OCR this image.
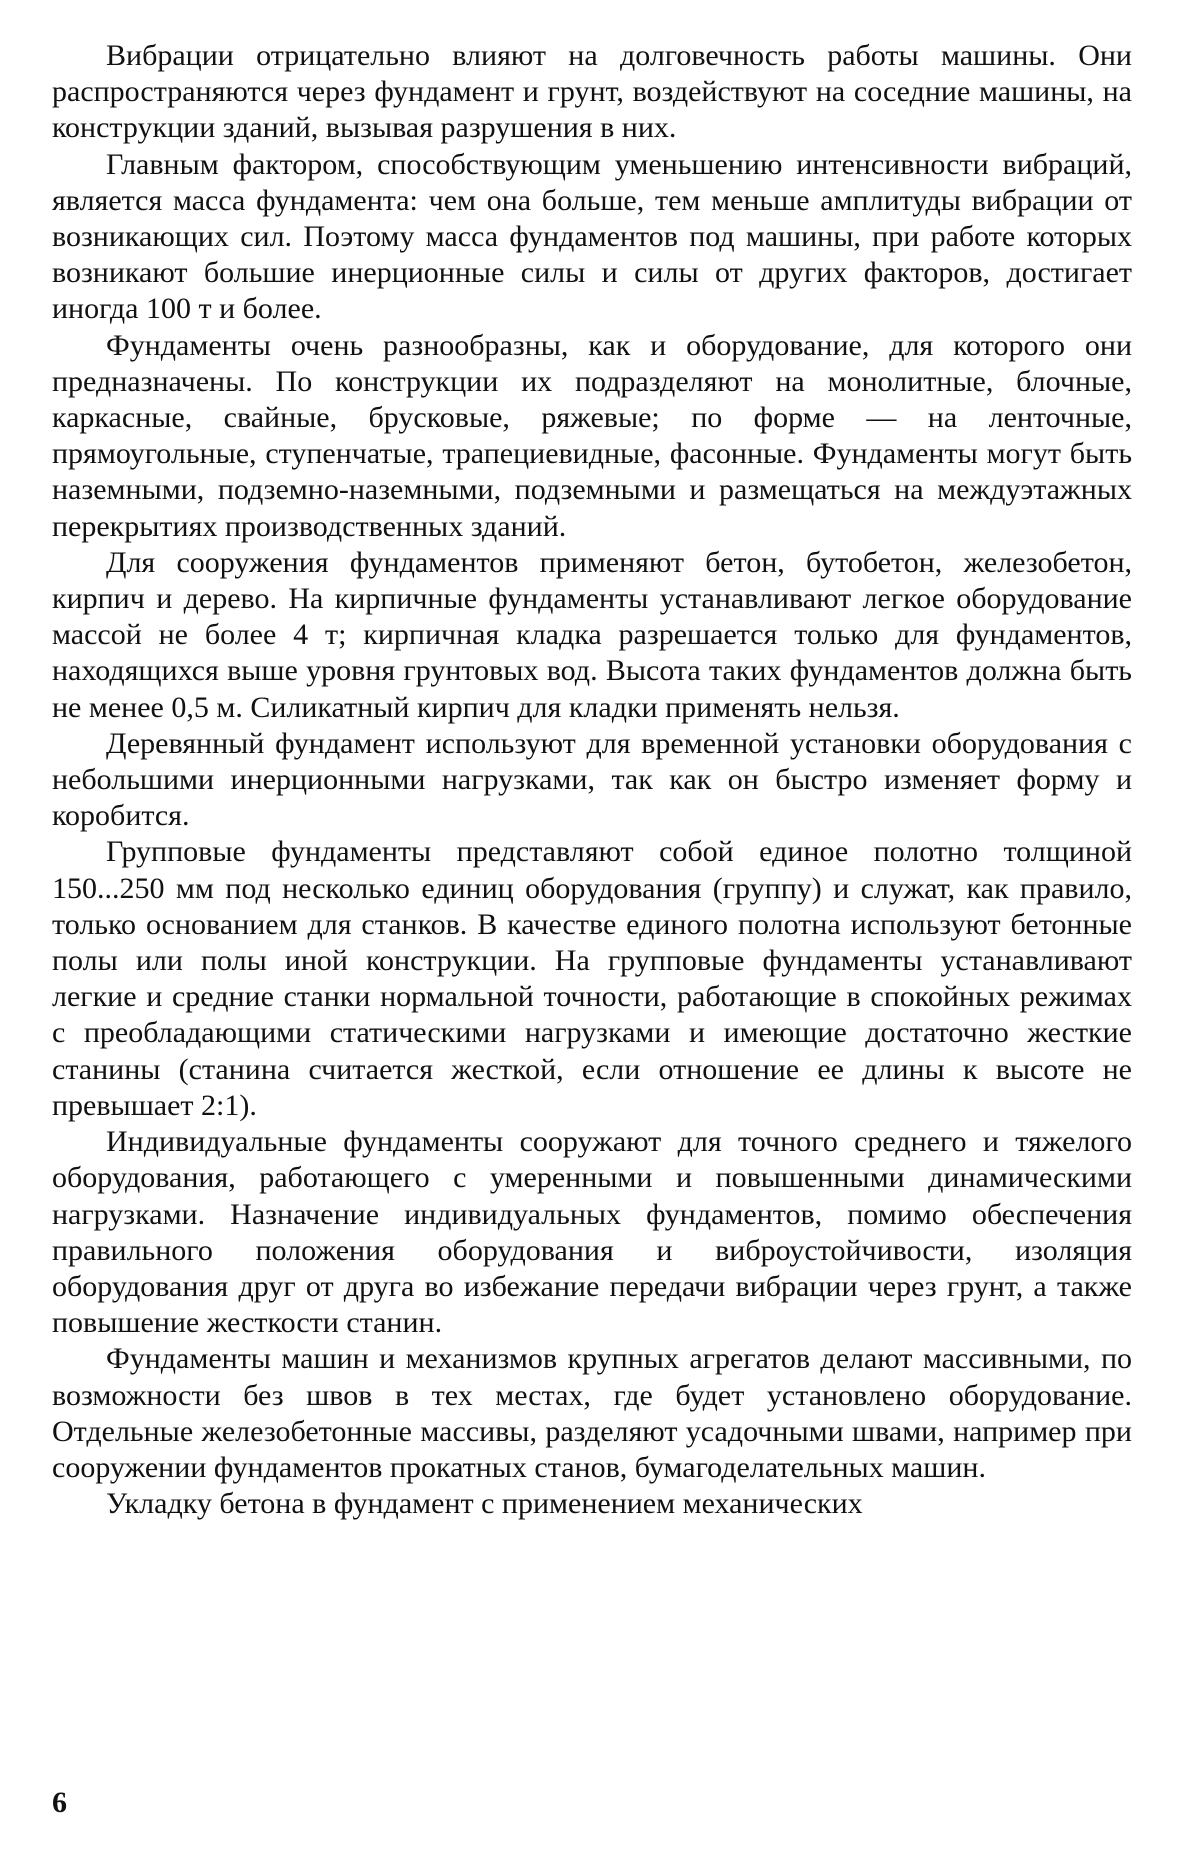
Вибрации отрицательно влияют на долговечность работы машины. Они распространяются через фундамент и грунт, воздействуют на соседние машины, на конструкции зданий, вызывая разрушения в них.

Главным фактором, способствующим уменьшению интенсивности вибраций, является масса фундамента: чем она больше, тем меньше амплитуды вибрации от возникающих сил. Поэтому масса фундаментов под машины, при работе которых возникают большие инерционные силы и силы от других факторов, достигает иногда 100 т и более.

Фундаменты очень разнообразны, как и оборудование, для которого они предназначены. По конструкции их подразделяют на монолитные, блочные, каркасные, свайные, брусковые, ряжевые; по форме — на ленточные, прямоугольные, ступенчатые, трапециевидные, фасонные. Фундаменты могут быть наземными, подземно-наземными, подземными и размещаться на междуэтажных перекрытиях производственных зданий.

Для сооружения фундаментов применяют бетон, бутобетон, железобетон, кирпич и дерево. На кирпичные фундаменты устанавливают легкое оборудование массой не более 4 т; кирпичная кладка разрешается только для фундаментов, находящихся выше уровня грунтовых вод. Высота таких фундаментов должна быть не менее 0,5 м. Силикатный кирпич для кладки применять нельзя.

Деревянный фундамент используют для временной установки оборудования с небольшими инерционными нагрузками, так как он быстро изменяет форму и коробится.

Групповые фундаменты представляют собой единое полотно толщиной 150...250 мм под несколько единиц оборудования (группу) и служат, как правило, только основанием для станков. В качестве единого полотна используют бетонные полы или полы иной конструкции. На групповые фундаменты устанавливают легкие и средние станки нормальной точности, работающие в спокойных режимах с преобладающими статическими нагрузками и имеющие достаточно жесткие станины (станина считается жесткой, если отношение ее длины к высоте не превышает 2:1).

Индивидуальные фундаменты сооружают для точного среднего и тяжелого оборудования, работающего с умеренными и повышенными динамическими нагрузками. Назначение индивидуальных фундаментов, помимо обеспечения правильного положения оборудования и виброустойчивости, изоляция оборудования друг от друга во избежание передачи вибрации через грунт, а также повышение жесткости станин.

Фундаменты машин и механизмов крупных агрегатов делают массивными, по возможности без швов в тех местах, где будет установлено оборудование. Отдельные железобетонные массивы, разделяют усадочными швами, например при сооружении фундаментов прокатных станов, бумагоделательных машин.

Укладку бетона в фундамент с применением механических

6
